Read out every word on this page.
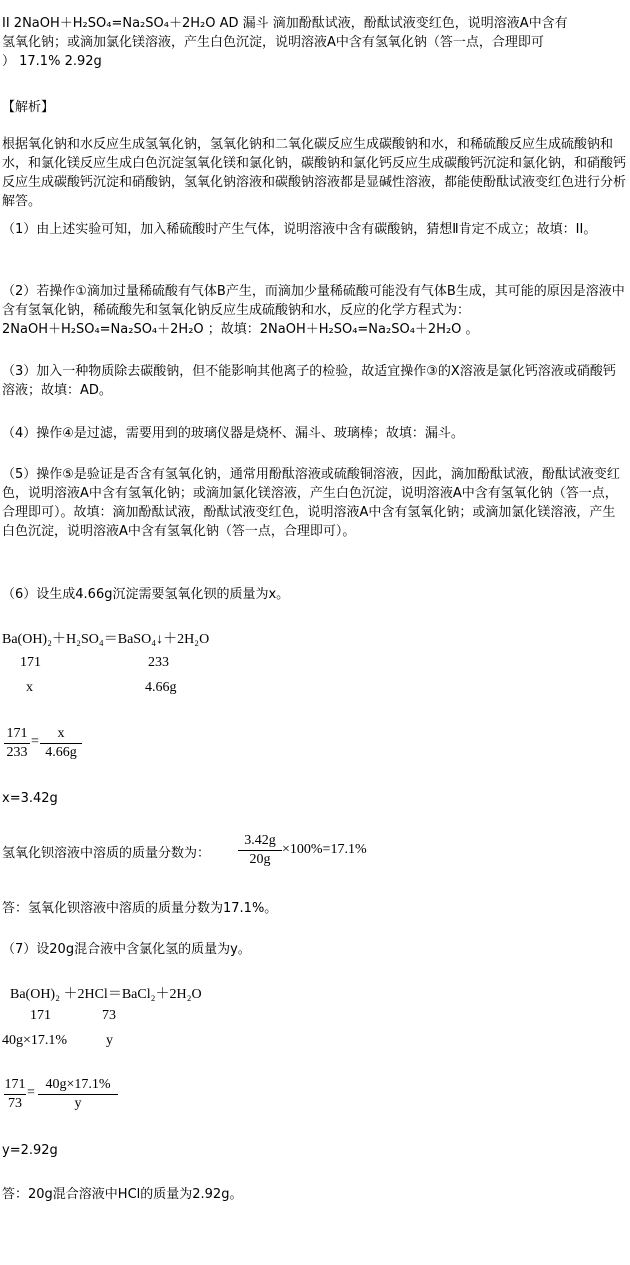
II 2NaOH＋H₂SO₄=Na₂SO₄＋2H₂O AD 漏斗 滴加酚酞试液，酚酞试液变红色，说明溶液A中含有
氢氧化钠；或滴加氯化镁溶液，产生白色沉淀，说明溶液A中含有氢氧化钠（答一点，合理即可
） 17.1% 2.92g
【解析】
根据氧化钠和水反应生成氢氧化钠，氢氧化钠和二氧化碳反应生成碳酸钠和水，和稀硫酸反应生成硫酸钠和水，和氯化镁反应生成白色沉淀氢氧化镁和氯化钠，碳酸钠和氯化钙反应生成碳酸钙沉淀和氯化钠，和硝酸钙反应生成碳酸钙沉淀和硝酸钠，氢氧化钠溶液和碳酸钠溶液都是显碱性溶液，都能使酚酞试液变红色进行分析解答。
（1）由上述实验可知，加入稀硫酸时产生气体，说明溶液中含有碳酸钠，猜想Ⅱ肯定不成立；故填：II。
（2）若操作①滴加过量稀硫酸有气体B产生，而滴加少量稀硫酸可能没有气体B生成，其可能的原因是溶液中含有氢氧化钠，稀硫酸先和氢氧化钠反应生成硫酸钠和水，反应的化学方程式为：
2NaOH＋H₂SO₄=Na₂SO₄＋2H₂O ；故填：2NaOH＋H₂SO₄=Na₂SO₄＋2H₂O 。
（3）加入一种物质除去碳酸钠，但不能影响其他离子的检验，故适宜操作③的X溶液是氯化钙溶液或硝酸钙溶液；故填：AD。
（4）操作④是过滤，需要用到的玻璃仪器是烧杯、漏斗、玻璃棒；故填：漏斗。
（5）操作⑤是验证是否含有氢氧化钠，通常用酚酞溶液或硫酸铜溶液，因此，滴加酚酞试液，酚酞试液变红色，说明溶液A中含有氢氧化钠；或滴加氯化镁溶液，产生白色沉淀，说明溶液A中含有氢氧化钠（答一点，合理即可）。故填：滴加酚酞试液，酚酞试液变红色，说明溶液A中含有氢氧化钠；或滴加氯化镁溶液，产生白色沉淀，说明溶液A中含有氢氧化钠（答一点，合理即可）。
（6）设生成4.66g沉淀需要氢氧化钡的质量为x。
Ba(OH)₂＋H₂SO₄＝BaSO₄↓＋2H₂O
171	233
x	4.66g
171
233
=
x
4.66g
x=3.42g
氢氧化钡溶液中溶质的质量分数为：
3.42g
20g
×100%=17.1%
答：氢氧化钡溶液中溶质的质量分数为17.1%。
（7）设20g混合液中含氯化氢的质量为y。
Ba(OH)₂ ＋2HCl＝BaCl₂＋2H₂O
171	73
40g×17.1%	y
171
73
=
40g×17.1%
y
y=2.92g
答：20g混合溶液中HCl的质量为2.92g。
